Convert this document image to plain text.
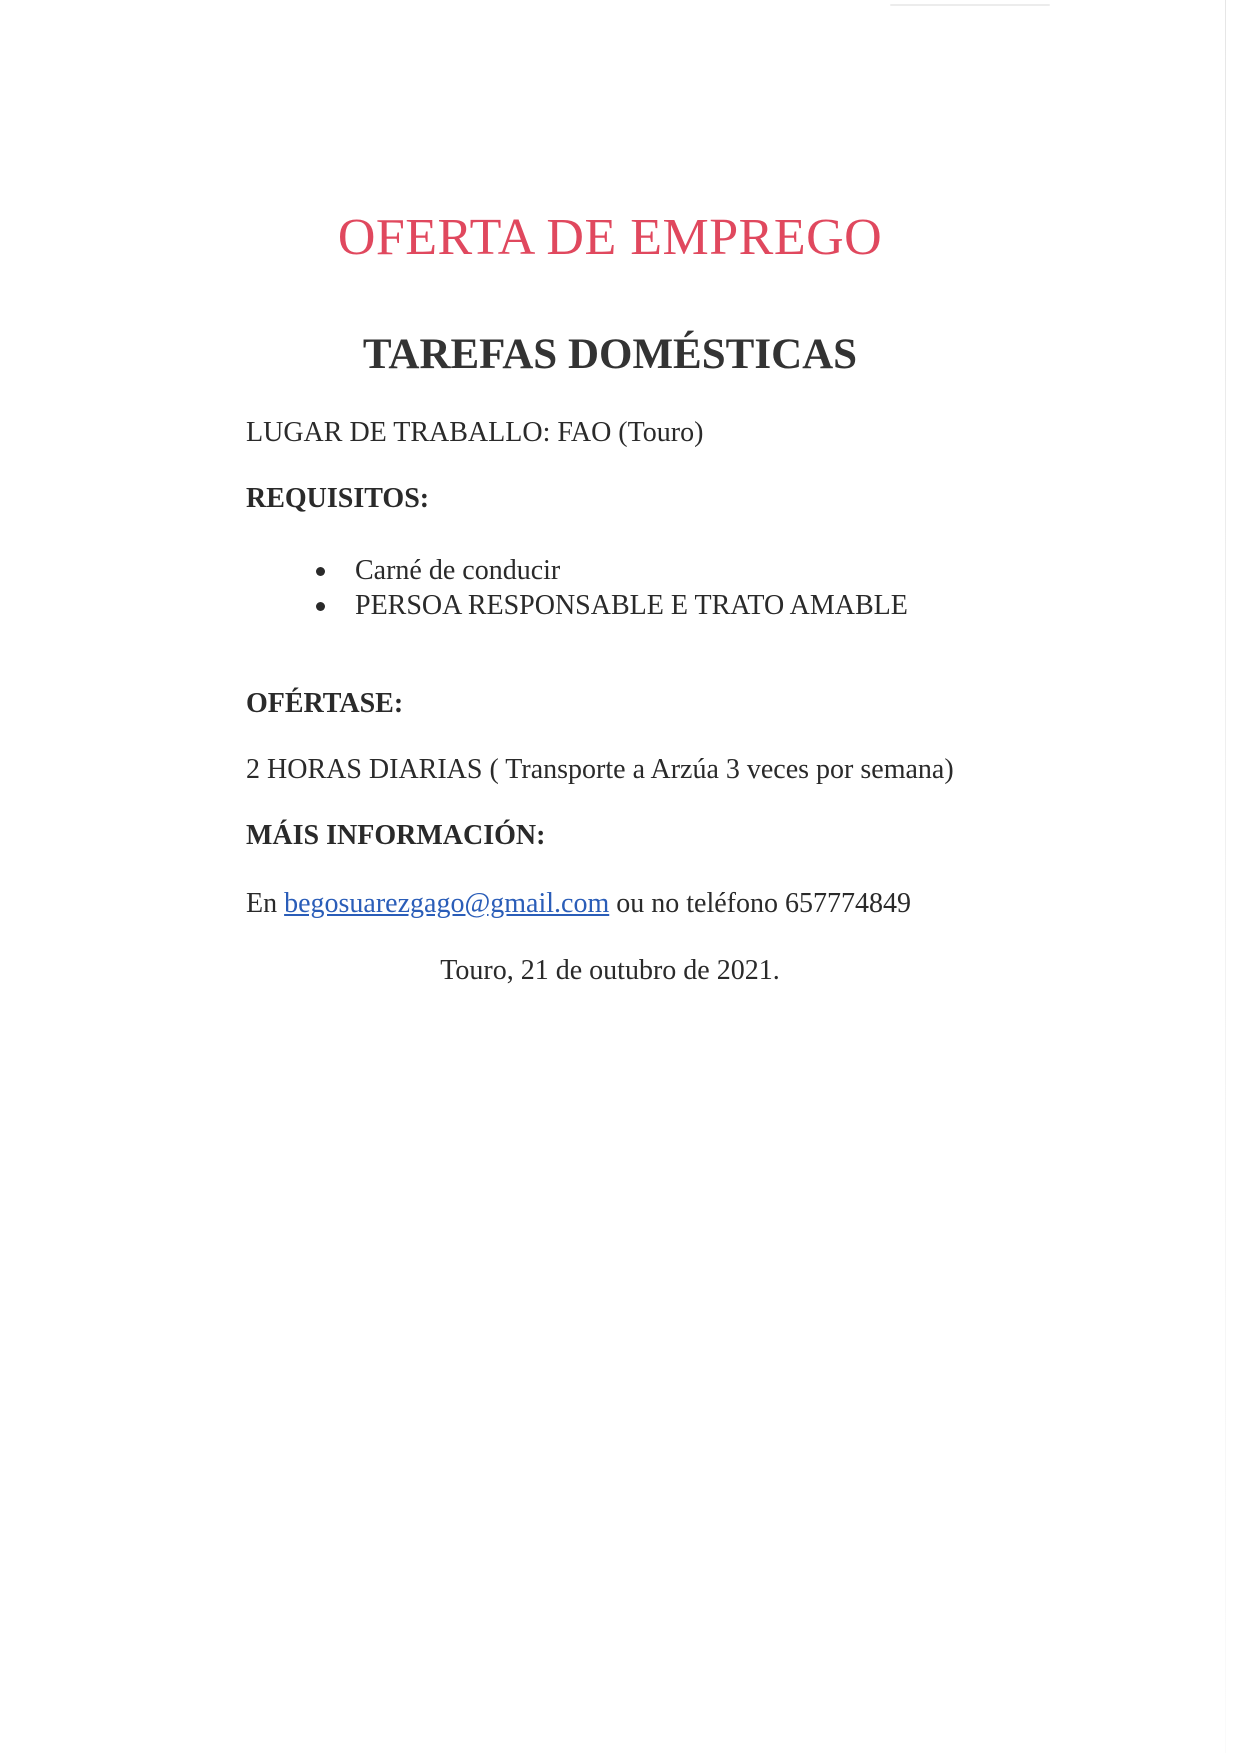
OFERTA DE EMPREGO
TAREFAS DOMÉSTICAS

LUGAR DE TRABALLO: FAO (Touro)

REQUISITOS:

Carné de conducir
PERSOA RESPONSABLE E TRATO AMABLE

OFÉRTASE:

2 HORAS DIARIAS ( Transporte a Arzúa 3 veces por semana)

MÁIS INFORMACIÓN:

En begosuarezgago@gmail.com ou no teléfono 657774849

Touro, 21 de outubro de 2021.
